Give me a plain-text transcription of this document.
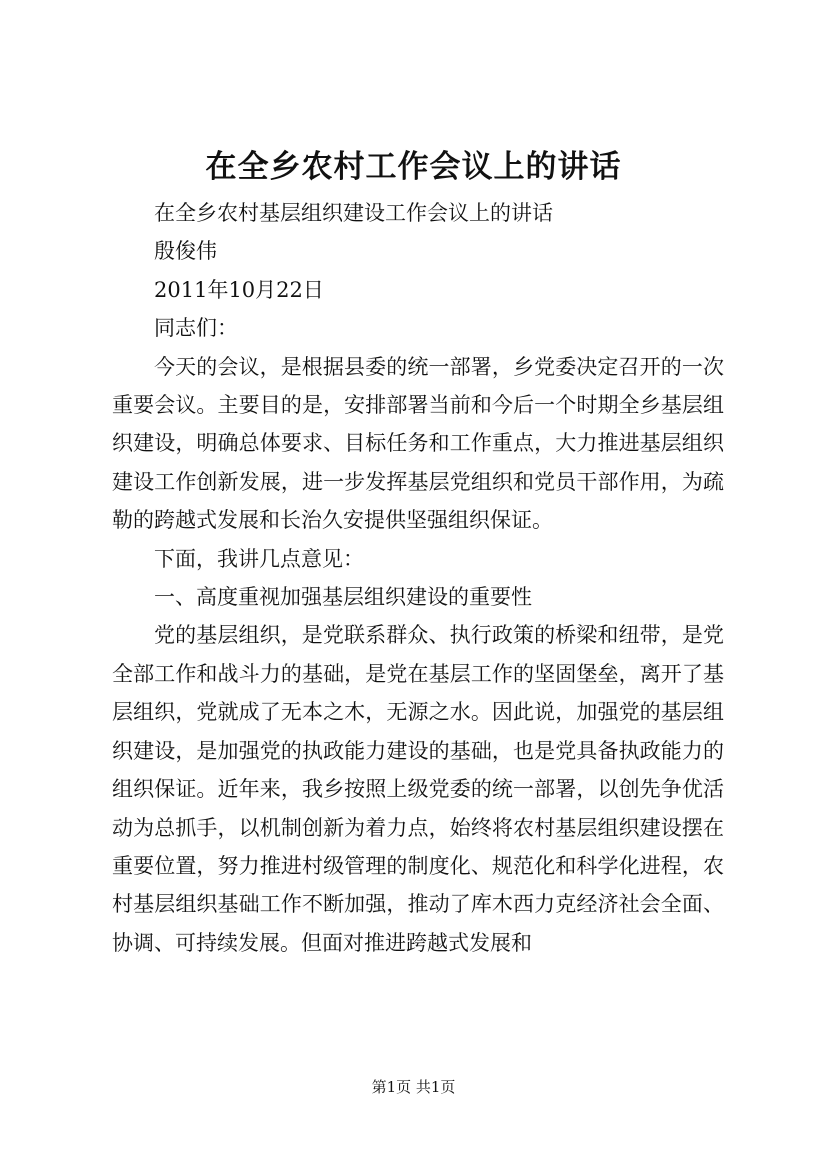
在全乡农村工作会议上的讲话

在全乡农村基层组织建设工作会议上的讲话

殷俊伟

2011年10月22日

同志们：

今天的会议，是根据县委的统一部署，乡党委决定召开的一次重要会议。主要目的是，安排部署当前和今后一个时期全乡基层组织建设，明确总体要求、目标任务和工作重点，大力推进基层组织建设工作创新发展，进一步发挥基层党组织和党员干部作用，为疏勒的跨越式发展和长治久安提供坚强组织保证。

下面，我讲几点意见：

一、高度重视加强基层组织建设的重要性

党的基层组织，是党联系群众、执行政策的桥梁和纽带，是党全部工作和战斗力的基础，是党在基层工作的坚固堡垒，离开了基层组织，党就成了无本之木，无源之水。因此说，加强党的基层组织建设，是加强党的执政能力建设的基础，也是党具备执政能力的组织保证。近年来，我乡按照上级党委的统一部署，以创先争优活动为总抓手，以机制创新为着力点，始终将农村基层组织建设摆在重要位置，努力推进村级管理的制度化、规范化和科学化进程，农村基层组织基础工作不断加强，推动了库木西力克经济社会全面、协调、可持续发展。但面对推进跨越式发展和

第1页 共1页
